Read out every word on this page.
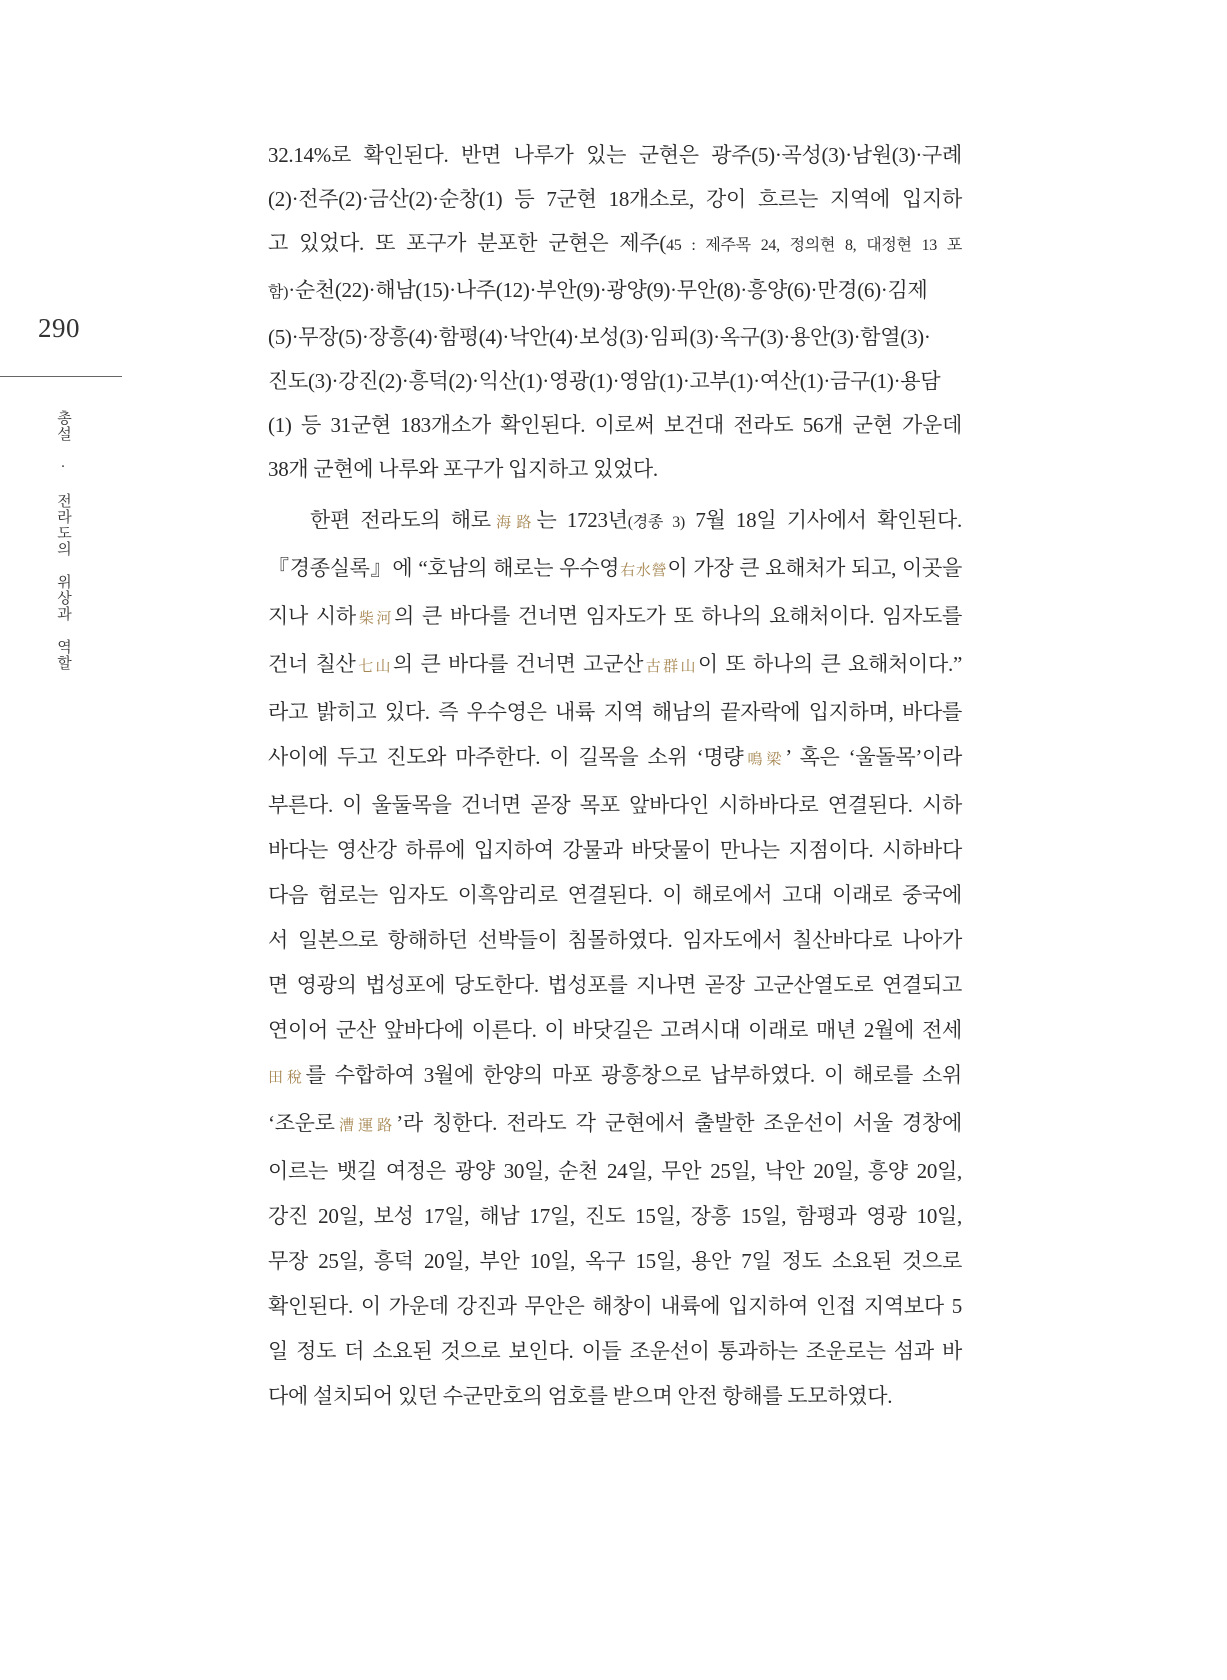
290
총설 · 전라도의 위상과 역할
32.14%로 확인된다. 반면 나루가 있는 군현은 광주(5)·곡성(3)·남원(3)·구례
(2)·전주(2)·금산(2)·순창(1) 등 7군현 18개소로, 강이 흐르는 지역에 입지하
고 있었다. 또 포구가 분포한 군현은 제주(45 : 제주목 24, 정의현 8, 대정현 13 포
함)·순천(22)·해남(15)·나주(12)·부안(9)·광양(9)·무안(8)·흥양(6)·만경(6)·김제
(5)·무장(5)·장흥(4)·함평(4)·낙안(4)·보성(3)·임피(3)·옥구(3)·용안(3)·함열(3)·
진도(3)·강진(2)·흥덕(2)·익산(1)·영광(1)·영암(1)·고부(1)·여산(1)·금구(1)·용담
(1) 등 31군현 183개소가 확인된다. 이로써 보건대 전라도 56개 군현 가운데
38개 군현에 나루와 포구가 입지하고 있었다.
한편 전라도의 해로海路는 1723년(경종 3) 7월 18일 기사에서 확인된다.
『경종실록』에 “호남의 해로는 우수영右水營이 가장 큰 요해처가 되고, 이곳을
지나 시하柴河의 큰 바다를 건너면 임자도가 또 하나의 요해처이다. 임자도를
건너 칠산七山의 큰 바다를 건너면 고군산古群山이 또 하나의 큰 요해처이다.”
라고 밝히고 있다. 즉 우수영은 내륙 지역 해남의 끝자락에 입지하며, 바다를
사이에 두고 진도와 마주한다. 이 길목을 소위 ‘명량鳴梁’ 혹은 ‘울돌목’이라
부른다. 이 울둘목을 건너면 곧장 목포 앞바다인 시하바다로 연결된다. 시하
바다는 영산강 하류에 입지하여 강물과 바닷물이 만나는 지점이다. 시하바다
다음 험로는 임자도 이흑암리로 연결된다. 이 해로에서 고대 이래로 중국에
서 일본으로 항해하던 선박들이 침몰하였다. 임자도에서 칠산바다로 나아가
면 영광의 법성포에 당도한다. 법성포를 지나면 곧장 고군산열도로 연결되고
연이어 군산 앞바다에 이른다. 이 바닷길은 고려시대 이래로 매년 2월에 전세
田稅를 수합하여 3월에 한양의 마포 광흥창으로 납부하였다. 이 해로를 소위
‘조운로漕運路’라 칭한다. 전라도 각 군현에서 출발한 조운선이 서울 경창에
이르는 뱃길 여정은 광양 30일, 순천 24일, 무안 25일, 낙안 20일, 흥양 20일,
강진 20일, 보성 17일, 해남 17일, 진도 15일, 장흥 15일, 함평과 영광 10일,
무장 25일, 흥덕 20일, 부안 10일, 옥구 15일, 용안 7일 정도 소요된 것으로
확인된다. 이 가운데 강진과 무안은 해창이 내륙에 입지하여 인접 지역보다 5
일 정도 더 소요된 것으로 보인다. 이들 조운선이 통과하는 조운로는 섬과 바
다에 설치되어 있던 수군만호의 엄호를 받으며 안전 항해를 도모하였다.
